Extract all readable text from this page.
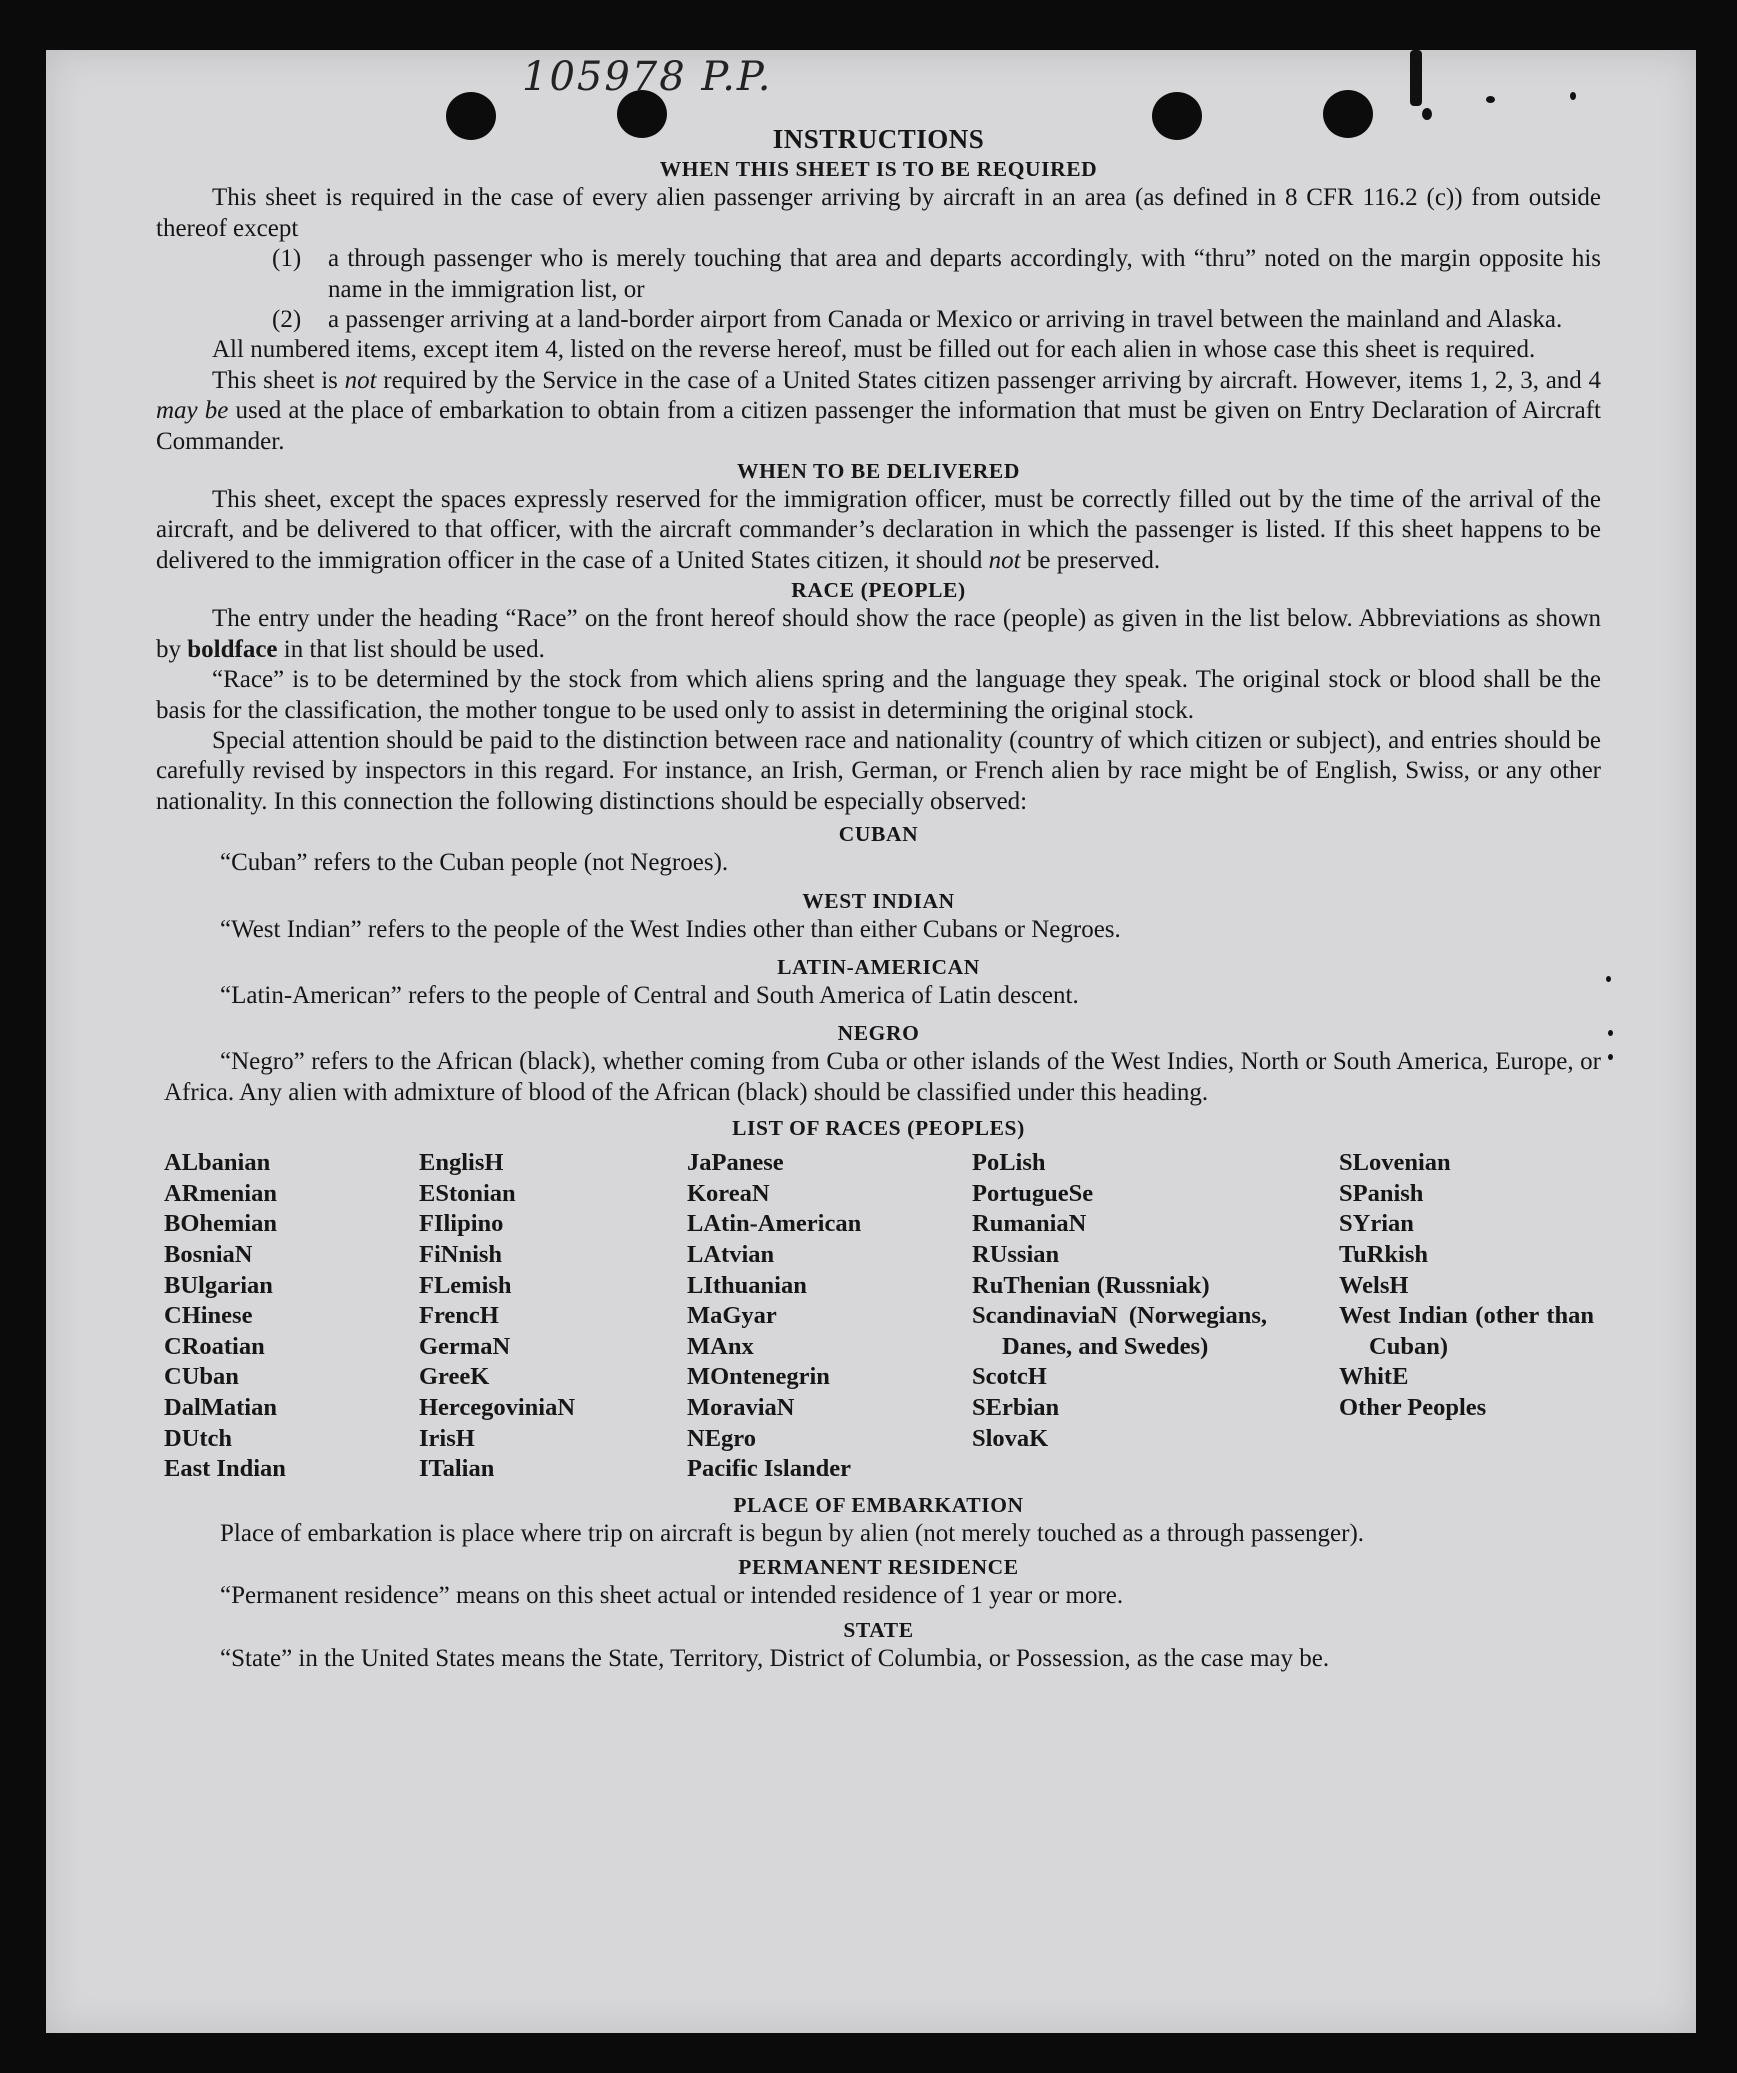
105978 P.P.
INSTRUCTIONS
WHEN THIS SHEET IS TO BE REQUIRED

This sheet is required in the case of every alien passenger arriving by aircraft in an area (as defined in 8 CFR 116.2 (c)) from outside thereof except

(1) a through passenger who is merely touching that area and departs accordingly, with “thru” noted on the margin opposite his name in the immigration list, or
(2) a passenger arriving at a land-border airport from Canada or Mexico or arriving in travel between the mainland and Alaska.

All numbered items, except item 4, listed on the reverse hereof, must be filled out for each alien in whose case this sheet is required.

This sheet is not required by the Service in the case of a United States citizen passenger arriving by aircraft. However, items 1, 2, 3, and 4 may be used at the place of embarkation to obtain from a citizen passenger the information that must be given on Entry Declaration of Aircraft Commander.

WHEN TO BE DELIVERED

This sheet, except the spaces expressly reserved for the immigration officer, must be correctly filled out by the time of the arrival of the aircraft, and be delivered to that officer, with the aircraft commander’s declaration in which the passenger is listed. If this sheet happens to be delivered to the immigration officer in the case of a United States citizen, it should not be preserved.

RACE (PEOPLE)

The entry under the heading “Race” on the front hereof should show the race (people) as given in the list below. Abbreviations as shown by boldface in that list should be used.

“Race” is to be determined by the stock from which aliens spring and the language they speak. The original stock or blood shall be the basis for the classification, the mother tongue to be used only to assist in determining the original stock.

Special attention should be paid to the distinction between race and nationality (country of which citizen or subject), and entries should be carefully revised by inspectors in this regard. For instance, an Irish, German, or French alien by race might be of English, Swiss, or any other nationality. In this connection the following distinctions should be especially observed:

CUBAN

“Cuban” refers to the Cuban people (not Negroes).

WEST INDIAN

“West Indian” refers to the people of the West Indies other than either Cubans or Negroes.

LATIN-AMERICAN

“Latin-American” refers to the people of Central and South America of Latin descent.

NEGRO

“Negro” refers to the African (black), whether coming from Cuba or other islands of the West Indies, North or South America, Europe, or Africa. Any alien with admixture of blood of the African (black) should be classified under this heading.

LIST OF RACES (PEOPLES)
ALbanian
ARmenian
BOhemian
BosniaN
BUlgarian
CHinese
CRoatian
CUban
DalMatian
DUtch
East Indian
EnglisH
EStonian
FIlipino
FiNnish
FLemish
FrencH
GermaN
GreeK
HercegoviniaN
IrisH
ITalian
JaPanese
KoreaN
LAtin-American
LAtvian
LIthuanian
MaGyar
MAnx
MOntenegrin
MoraviaN
NEgro
Pacific Islander
PoLish
PortugueSe
RumaniaN
RUssian
RuThenian (Russniak)
ScandinaviaN (Norwegians, Danes, and Swedes)
ScotcH
SErbian
SlovaK
SLovenian
SPanish
SYrian
TuRkish
WelsH
West Indian (other than Cuban)
WhitE
Other Peoples
PLACE OF EMBARKATION

Place of embarkation is place where trip on aircraft is begun by alien (not merely touched as a through passenger).

PERMANENT RESIDENCE

“Permanent residence” means on this sheet actual or intended residence of 1 year or more.

STATE

“State” in the United States means the State, Territory, District of Columbia, or Possession, as the case may be.
